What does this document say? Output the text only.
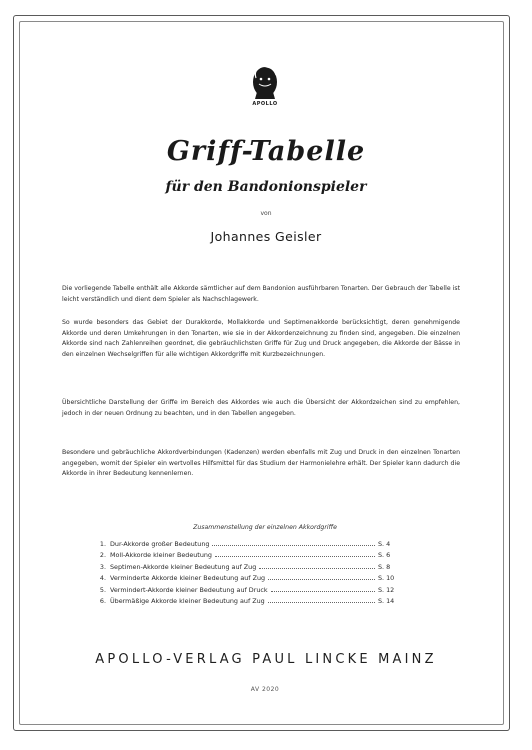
APOLLO
Griff-Tabelle
für den Bandonionspieler
von
Johannes Geisler
Die vorliegende Tabelle enthält alle Akkorde sämtlicher auf dem Bandonion ausführbaren Tonarten. Der Gebrauch der Tabelle ist leicht verständlich und dient dem Spieler als Nachschlagewerk.
So wurde besonders das Gebiet der Durakkorde, Mollakkorde und Septimenakkorde berücksichtigt, deren genehmigende Akkorde und deren Umkehrungen in den Tonarten, wie sie in der Akkordenzeichnung zu finden sind, angegeben. Die einzelnen Akkorde sind nach Zahlenreihen geordnet, die gebräuchlichsten Griffe für Zug und Druck angegeben, die Akkorde der Bässe in den einzelnen Wechselgriffen für alle wichtigen Akkordgriffe mit Kurzbezeichnungen.
Übersichtliche Darstellung der Griffe im Bereich des Akkordes wie auch die Übersicht der Akkordzeichen sind zu empfehlen, jedoch in der neuen Ordnung zu beachten, und in den Tabellen angegeben.
Besondere und gebräuchliche Akkordverbindungen (Kadenzen) werden ebenfalls mit Zug und Druck in den einzelnen Tonarten angegeben, womit der Spieler ein wertvolles Hilfsmittel für das Studium der Harmonielehre erhält. Der Spieler kann dadurch die Akkorde in ihrer Bedeutung kennenlernen.
Zusammenstellung der einzelnen Akkordgriffe
1. Dur-Akkorde großer Bedeutung	S. 4
2. Moll-Akkorde kleiner Bedeutung	S. 6
3. Septimen-Akkorde kleiner Bedeutung auf Zug	S. 8
4. Verminderte Akkorde kleiner Bedeutung auf Zug	S. 10
5. Vermindert-Akkorde kleiner Bedeutung auf Druck	S. 12
6. Übermäßige Akkorde kleiner Bedeutung auf Zug	S. 14
APOLLO-VERLAG PAUL LINCKE MAINZ
AV 2020
